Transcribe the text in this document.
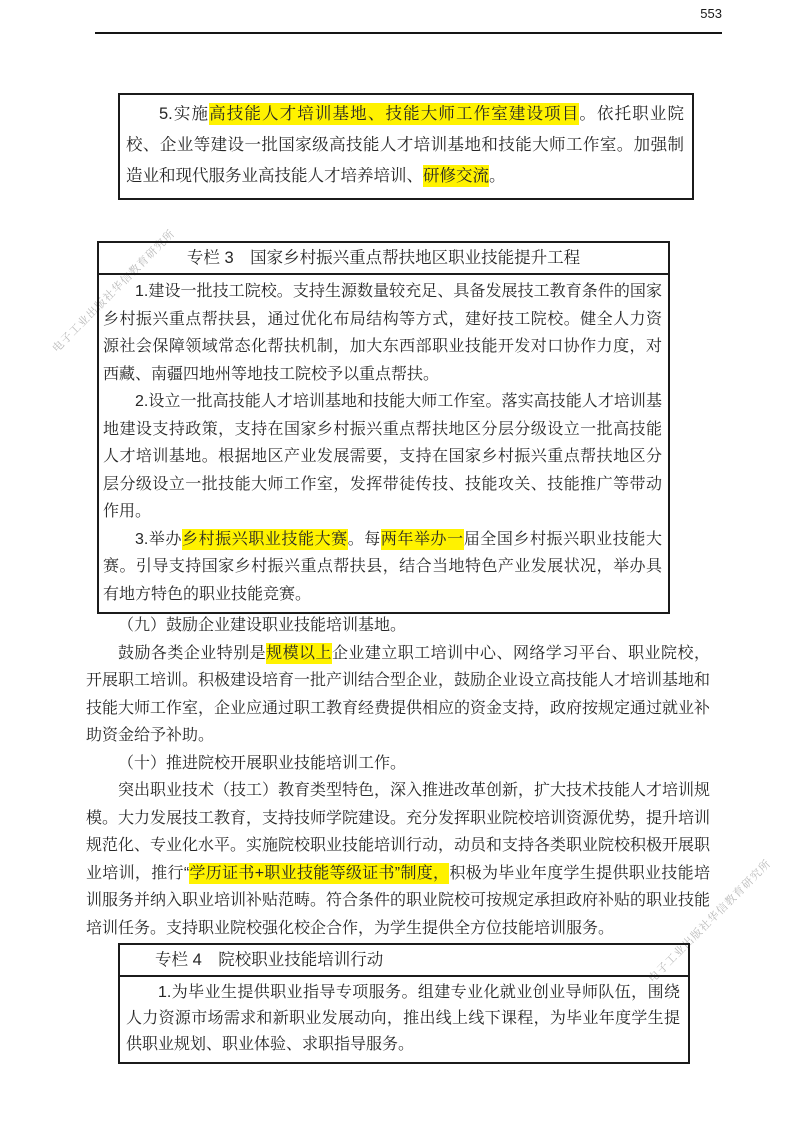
电子工业出版社华信教育研究所
电子工业出版社华信教育研究所
553

5.实施高技能人才培训基地、技能大师工作室建设项目。依托职业院校、企业等建设一批国家级高技能人才培训基地和技能大师工作室。加强制造业和现代服务业高技能人才培养培训、研修交流。

专栏 3　国家乡村振兴重点帮扶地区职业技能提升工程

1.建设一批技工院校。支持生源数量较充足、具备发展技工教育条件的国家乡村振兴重点帮扶县，通过优化布局结构等方式，建好技工院校。健全人力资源社会保障领域常态化帮扶机制，加大东西部职业技能开发对口协作力度，对西藏、南疆四地州等地技工院校予以重点帮扶。

2.设立一批高技能人才培训基地和技能大师工作室。落实高技能人才培训基地建设支持政策，支持在国家乡村振兴重点帮扶地区分层分级设立一批高技能人才培训基地。根据地区产业发展需要，支持在国家乡村振兴重点帮扶地区分层分级设立一批技能大师工作室，发挥带徒传技、技能攻关、技能推广等带动作用。

3.举办乡村振兴职业技能大赛。每两年举办一届全国乡村振兴职业技能大赛。引导支持国家乡村振兴重点帮扶县，结合当地特色产业发展状况，举办具有地方特色的职业技能竞赛。

（九）鼓励企业建设职业技能培训基地。

鼓励各类企业特别是规模以上企业建立职工培训中心、网络学习平台、职业院校，开展职工培训。积极建设培育一批产训结合型企业，鼓励企业设立高技能人才培训基地和技能大师工作室，企业应通过职工教育经费提供相应的资金支持，政府按规定通过就业补助资金给予补助。

（十）推进院校开展职业技能培训工作。

突出职业技术（技工）教育类型特色，深入推进改革创新，扩大技术技能人才培训规模。大力发展技工教育，支持技师学院建设。充分发挥职业院校培训资源优势，提升培训规范化、专业化水平。实施院校职业技能培训行动，动员和支持各类职业院校积极开展职业培训，推行“学历证书+职业技能等级证书”制度，积极为毕业年度学生提供职业技能培训服务并纳入职业培训补贴范畴。符合条件的职业院校可按规定承担政府补贴的职业技能培训任务。支持职业院校强化校企合作，为学生提供全方位技能培训服务。

专栏 4　院校职业技能培训行动

1.为毕业生提供职业指导专项服务。组建专业化就业创业导师队伍，围绕人力资源市场需求和新职业发展动向，推出线上线下课程，为毕业年度学生提供职业规划、职业体验、求职指导服务。
